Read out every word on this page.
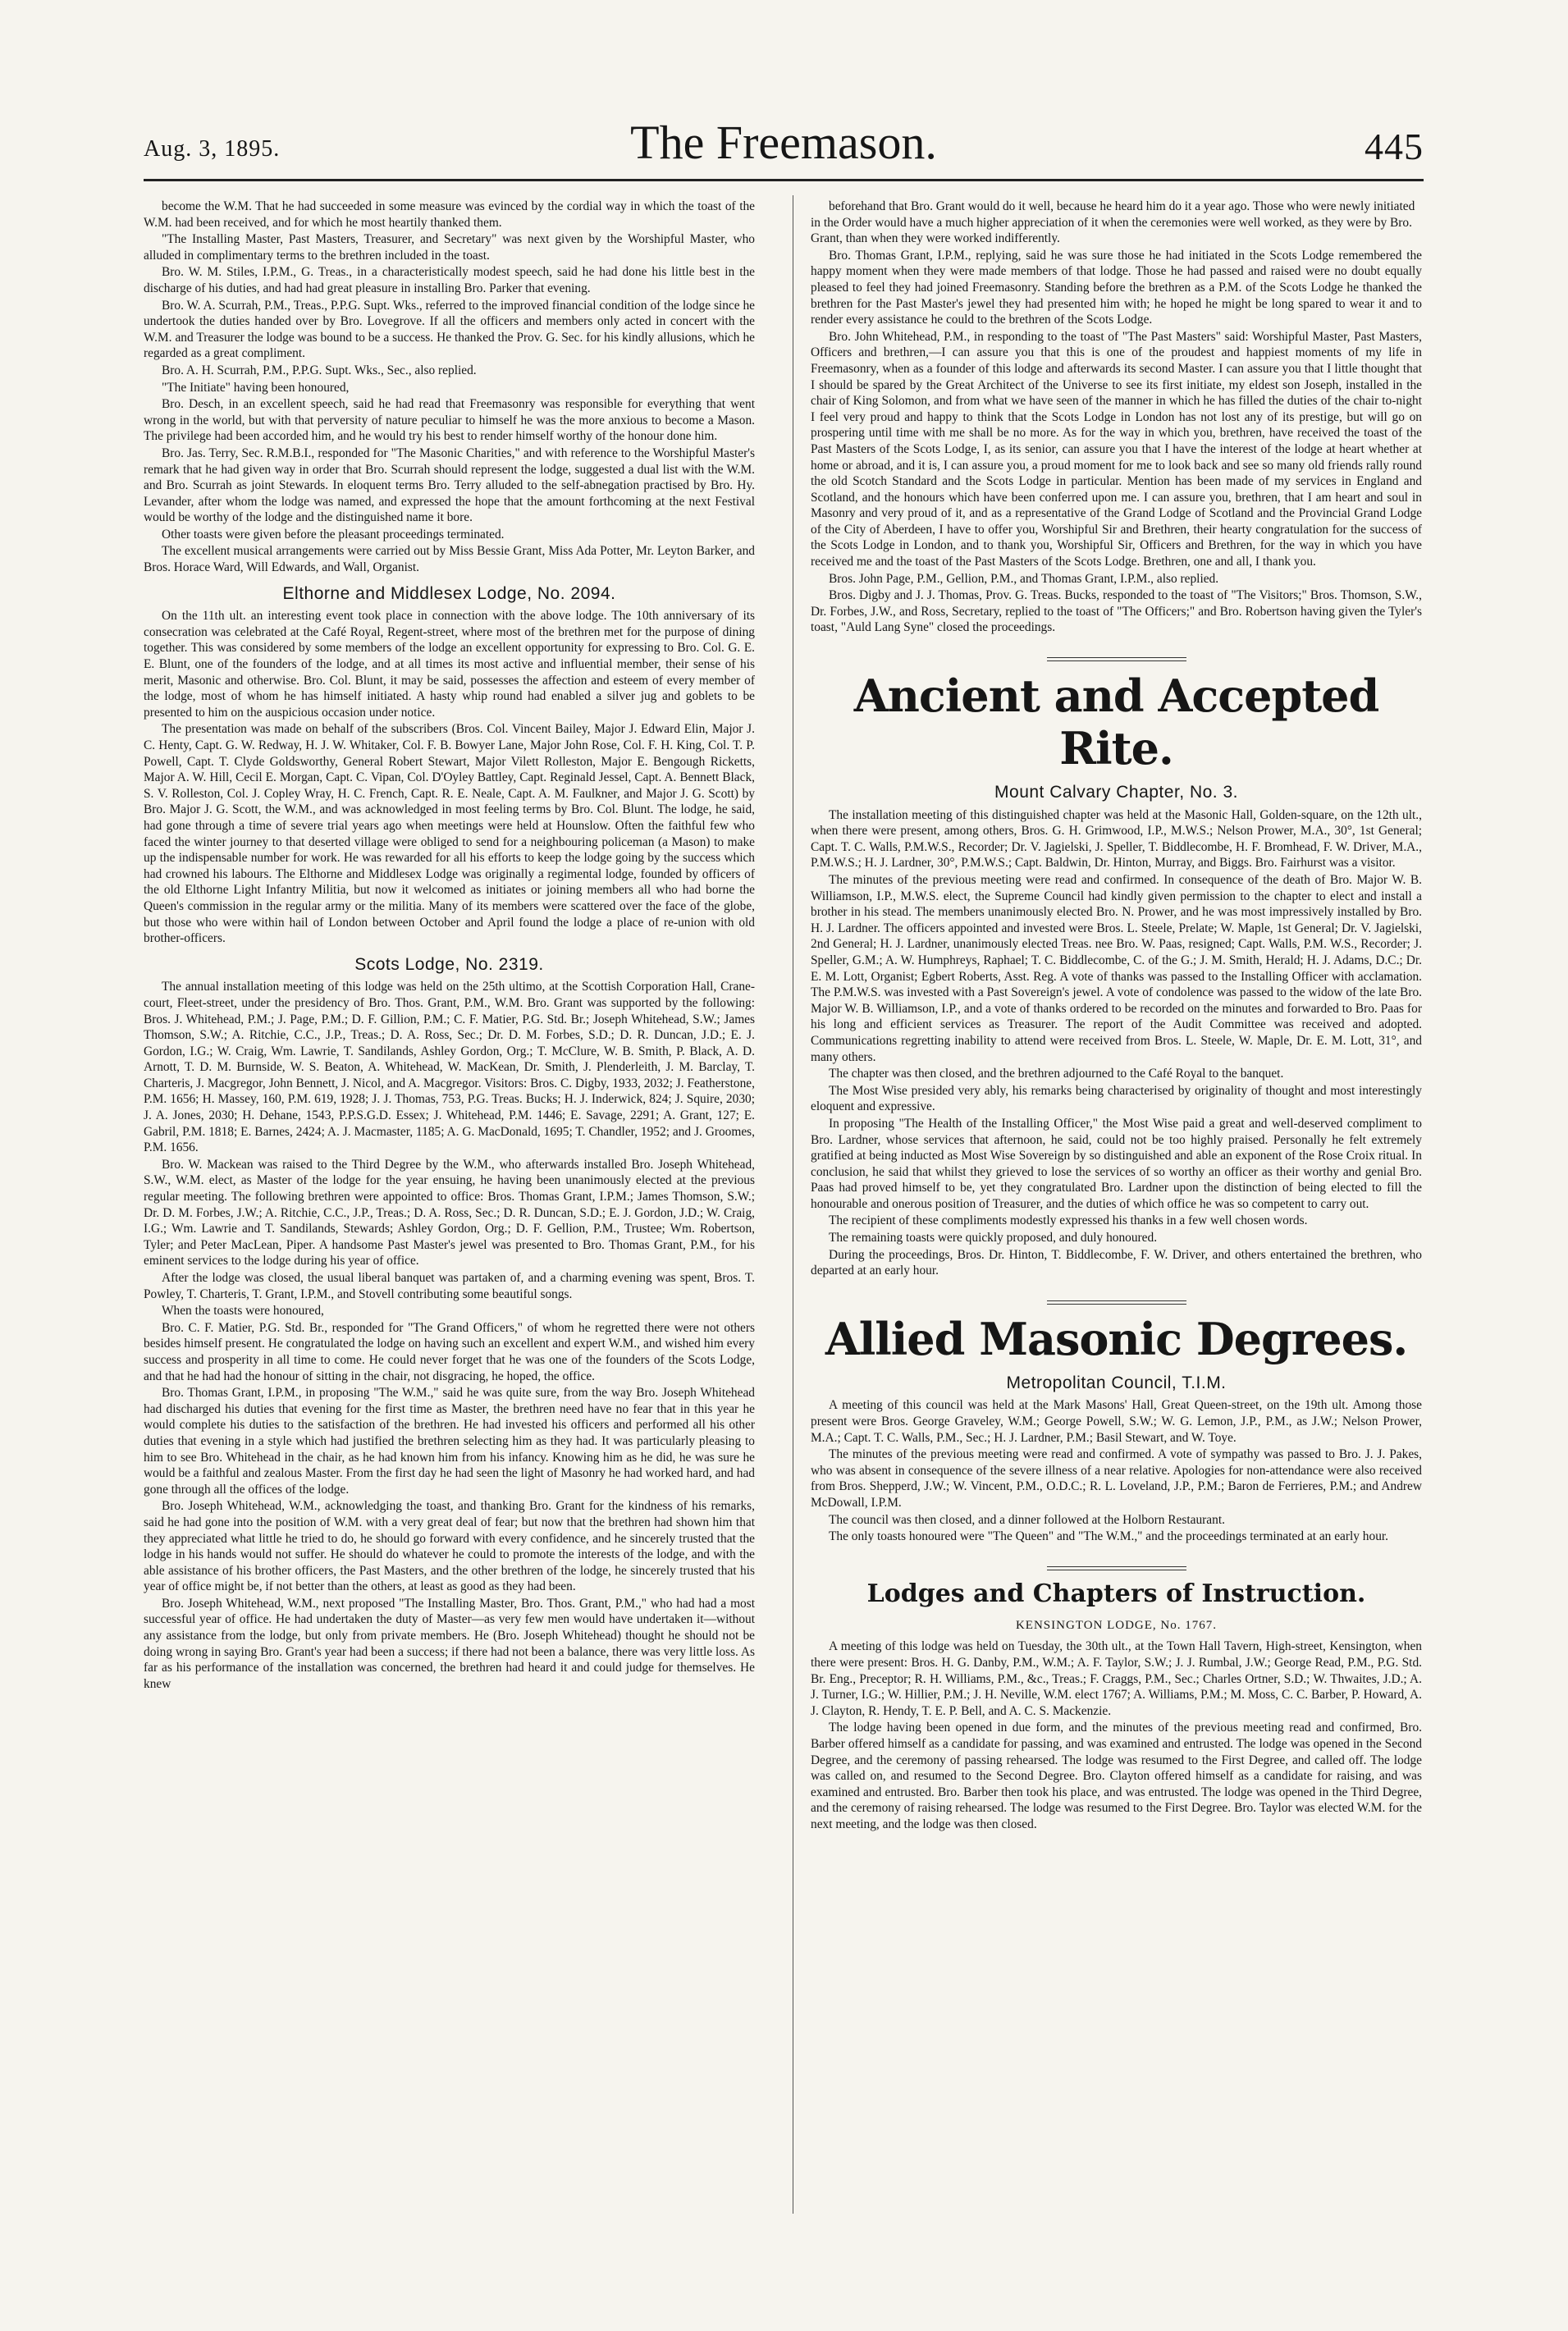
Aug. 3, 1895.	The Freemason.	445

become the W.M. That he had succeeded in some measure was evinced by the cordial way in which the toast of the W.M. had been received, and for which he most heartily thanked them.

"The Installing Master, Past Masters, Treasurer, and Secretary" was next given by the Worshipful Master, who alluded in complimentary terms to the brethren included in the toast.

Bro. W. M. Stiles, I.P.M., G. Treas., in a characteristically modest speech, said he had done his little best in the discharge of his duties, and had had great pleasure in installing Bro. Parker that evening.

Bro. W. A. Scurrah, P.M., Treas., P.P.G. Supt. Wks., referred to the improved financial condition of the lodge since he undertook the duties handed over by Bro. Lovegrove. If all the officers and members only acted in concert with the W.M. and Treasurer the lodge was bound to be a success. He thanked the Prov. G. Sec. for his kindly allusions, which he regarded as a great compliment.

Bro. A. H. Scurrah, P.M., P.P.G. Supt. Wks., Sec., also replied.

"The Initiate" having been honoured,

Bro. Desch, in an excellent speech, said he had read that Freemasonry was responsible for everything that went wrong in the world, but with that perversity of nature peculiar to himself he was the more anxious to become a Mason. The privilege had been accorded him, and he would try his best to render himself worthy of the honour done him.

Bro. Jas. Terry, Sec. R.M.B.I., responded for "The Masonic Charities," and with reference to the Worshipful Master's remark that he had given way in order that Bro. Scurrah should represent the lodge, suggested a dual list with the W.M. and Bro. Scurrah as joint Stewards. In eloquent terms Bro. Terry alluded to the self-abnegation practised by Bro. Hy. Levander, after whom the lodge was named, and expressed the hope that the amount forthcoming at the next Festival would be worthy of the lodge and the distinguished name it bore.

Other toasts were given before the pleasant proceedings terminated.

The excellent musical arrangements were carried out by Miss Bessie Grant, Miss Ada Potter, Mr. Leyton Barker, and Bros. Horace Ward, Will Edwards, and Wall, Organist.

Elthorne and Middlesex Lodge, No. 2094.

On the 11th ult. an interesting event took place in connection with the above lodge. The 10th anniversary of its consecration was celebrated at the Café Royal, Regent-street, where most of the brethren met for the purpose of dining together. This was considered by some members of the lodge an excellent opportunity for expressing to Bro. Col. G. E. E. Blunt, one of the founders of the lodge, and at all times its most active and influential member, their sense of his merit, Masonic and otherwise. Bro. Col. Blunt, it may be said, possesses the affection and esteem of every member of the lodge, most of whom he has himself initiated. A hasty whip round had enabled a silver jug and goblets to be presented to him on the auspicious occasion under notice.

The presentation was made on behalf of the subscribers (Bros. Col. Vincent Bailey, Major J. Edward Elin, Major J. C. Henty, Capt. G. W. Redway, H. J. W. Whitaker, Col. F. B. Bowyer Lane, Major John Rose, Col. F. H. King, Col. T. P. Powell, Capt. T. Clyde Goldsworthy, General Robert Stewart, Major Vilett Rolleston, Major E. Bengough Ricketts, Major A. W. Hill, Cecil E. Morgan, Capt. C. Vipan, Col. D'Oyley Battley, Capt. Reginald Jessel, Capt. A. Bennett Black, S. V. Rolleston, Col. J. Copley Wray, H. C. French, Capt. R. E. Neale, Capt. A. M. Faulkner, and Major J. G. Scott) by Bro. Major J. G. Scott, the W.M., and was acknowledged in most feeling terms by Bro. Col. Blunt. The lodge, he said, had gone through a time of severe trial years ago when meetings were held at Hounslow. Often the faithful few who faced the winter journey to that deserted village were obliged to send for a neighbouring policeman (a Mason) to make up the indispensable number for work. He was rewarded for all his efforts to keep the lodge going by the success which had crowned his labours. The Elthorne and Middlesex Lodge was originally a regimental lodge, founded by officers of the old Elthorne Light Infantry Militia, but now it welcomed as initiates or joining members all who had borne the Queen's commission in the regular army or the militia. Many of its members were scattered over the face of the globe, but those who were within hail of London between October and April found the lodge a place of re-union with old brother-officers.

Scots Lodge, No. 2319.

The annual installation meeting of this lodge was held on the 25th ultimo, at the Scottish Corporation Hall, Crane-court, Fleet-street, under the presidency of Bro. Thos. Grant, P.M., W.M. Bro. Grant was supported by the following: Bros. J. Whitehead, P.M.; J. Page, P.M.; D. F. Gillion, P.M.; C. F. Matier, P.G. Std. Br.; Joseph Whitehead, S.W.; James Thomson, S.W.; A. Ritchie, C.C., J.P., Treas.; D. A. Ross, Sec.; Dr. D. M. Forbes, S.D.; D. R. Duncan, J.D.; E. J. Gordon, I.G.; W. Craig, Wm. Lawrie, T. Sandilands, Ashley Gordon, Org.; T. McClure, W. B. Smith, P. Black, A. D. Arnott, T. D. M. Burnside, W. S. Beaton, A. Whitehead, W. MacKean, Dr. Smith, J. Plenderleith, J. M. Barclay, T. Charteris, J. Macgregor, John Bennett, J. Nicol, and A. Macgregor. Visitors: Bros. C. Digby, 1933, 2032; J. Featherstone, P.M. 1656; H. Massey, 160, P.M. 619, 1928; J. J. Thomas, 753, P.G. Treas. Bucks; H. J. Inderwick, 824; J. Squire, 2030; J. A. Jones, 2030; H. Dehane, 1543, P.P.S.G.D. Essex; J. Whitehead, P.M. 1446; E. Savage, 2291; A. Grant, 127; E. Gabril, P.M. 1818; E. Barnes, 2424; A. J. Macmaster, 1185; A. G. MacDonald, 1695; T. Chandler, 1952; and J. Groomes, P.M. 1656.

Bro. W. Mackean was raised to the Third Degree by the W.M., who afterwards installed Bro. Joseph Whitehead, S.W., W.M. elect, as Master of the lodge for the year ensuing, he having been unanimously elected at the previous regular meeting. The following brethren were appointed to office: Bros. Thomas Grant, I.P.M.; James Thomson, S.W.; Dr. D. M. Forbes, J.W.; A. Ritchie, C.C., J.P., Treas.; D. A. Ross, Sec.; D. R. Duncan, S.D.; E. J. Gordon, J.D.; W. Craig, I.G.; Wm. Lawrie and T. Sandilands, Stewards; Ashley Gordon, Org.; D. F. Gellion, P.M., Trustee; Wm. Robertson, Tyler; and Peter MacLean, Piper. A handsome Past Master's jewel was presented to Bro. Thomas Grant, P.M., for his eminent services to the lodge during his year of office.

After the lodge was closed, the usual liberal banquet was partaken of, and a charming evening was spent, Bros. T. Powley, T. Charteris, T. Grant, I.P.M., and Stovell contributing some beautiful songs.

When the toasts were honoured,

Bro. C. F. Matier, P.G. Std. Br., responded for "The Grand Officers," of whom he regretted there were not others besides himself present. He congratulated the lodge on having such an excellent and expert W.M., and wished him every success and prosperity in all time to come. He could never forget that he was one of the founders of the Scots Lodge, and that he had had the honour of sitting in the chair, not disgracing, he hoped, the office.

Bro. Thomas Grant, I.P.M., in proposing "The W.M.," said he was quite sure, from the way Bro. Joseph Whitehead had discharged his duties that evening for the first time as Master, the brethren need have no fear that in this year he would complete his duties to the satisfaction of the brethren. He had invested his officers and performed all his other duties that evening in a style which had justified the brethren selecting him as they had. It was particularly pleasing to him to see Bro. Whitehead in the chair, as he had known him from his infancy. Knowing him as he did, he was sure he would be a faithful and zealous Master. From the first day he had seen the light of Masonry he had worked hard, and had gone through all the offices of the lodge.

Bro. Joseph Whitehead, W.M., acknowledging the toast, and thanking Bro. Grant for the kindness of his remarks, said he had gone into the position of W.M. with a very great deal of fear; but now that the brethren had shown him that they appreciated what little he tried to do, he should go forward with every confidence, and he sincerely trusted that the lodge in his hands would not suffer. He should do whatever he could to promote the interests of the lodge, and with the able assistance of his brother officers, the Past Masters, and the other brethren of the lodge, he sincerely trusted that his year of office might be, if not better than the others, at least as good as they had been.

Bro. Joseph Whitehead, W.M., next proposed "The Installing Master, Bro. Thos. Grant, P.M.," who had had a most successful year of office. He had undertaken the duty of Master—as very few men would have undertaken it—without any assistance from the lodge, but only from private members. He (Bro. Joseph Whitehead) thought he should not be doing wrong in saying Bro. Grant's year had been a success; if there had not been a balance, there was very little loss. As far as his performance of the installation was concerned, the brethren had heard it and could judge for themselves. He knew

beforehand that Bro. Grant would do it well, because he heard him do it a year ago. Those who were newly initiated in the Order would have a much higher appreciation of it when the ceremonies were well worked, as they were by Bro. Grant, than when they were worked indifferently.

Bro. Thomas Grant, I.P.M., replying, said he was sure those he had initiated in the Scots Lodge remembered the happy moment when they were made members of that lodge. Those he had passed and raised were no doubt equally pleased to feel they had joined Freemasonry. Standing before the brethren as a P.M. of the Scots Lodge he thanked the brethren for the Past Master's jewel they had presented him with; he hoped he might be long spared to wear it and to render every assistance he could to the brethren of the Scots Lodge.

Bro. John Whitehead, P.M., in responding to the toast of "The Past Masters" said: Worshipful Master, Past Masters, Officers and brethren,—I can assure you that this is one of the proudest and happiest moments of my life in Freemasonry, when as a founder of this lodge and afterwards its second Master. I can assure you that I little thought that I should be spared by the Great Architect of the Universe to see its first initiate, my eldest son Joseph, installed in the chair of King Solomon, and from what we have seen of the manner in which he has filled the duties of the chair to-night I feel very proud and happy to think that the Scots Lodge in London has not lost any of its prestige, but will go on prospering until time with me shall be no more. As for the way in which you, brethren, have received the toast of the Past Masters of the Scots Lodge, I, as its senior, can assure you that I have the interest of the lodge at heart whether at home or abroad, and it is, I can assure you, a proud moment for me to look back and see so many old friends rally round the old Scotch Standard and the Scots Lodge in particular. Mention has been made of my services in England and Scotland, and the honours which have been conferred upon me. I can assure you, brethren, that I am heart and soul in Masonry and very proud of it, and as a representative of the Grand Lodge of Scotland and the Provincial Grand Lodge of the City of Aberdeen, I have to offer you, Worshipful Sir and Brethren, their hearty congratulation for the success of the Scots Lodge in London, and to thank you, Worshipful Sir, Officers and Brethren, for the way in which you have received me and the toast of the Past Masters of the Scots Lodge. Brethren, one and all, I thank you.

Bros. John Page, P.M., Gellion, P.M., and Thomas Grant, I.P.M., also replied.

Bros. Digby and J. J. Thomas, Prov. G. Treas. Bucks, responded to the toast of "The Visitors;" Bros. Thomson, S.W., Dr. Forbes, J.W., and Ross, Secretary, replied to the toast of "The Officers;" and Bro. Robertson having given the Tyler's toast, "Auld Lang Syne" closed the proceedings.

Ancient and Accepted Rite.
Mount Calvary Chapter, No. 3.

The installation meeting of this distinguished chapter was held at the Masonic Hall, Golden-square, on the 12th ult., when there were present, among others, Bros. G. H. Grimwood, I.P., M.W.S.; Nelson Prower, M.A., 30°, 1st General; Capt. T. C. Walls, P.M.W.S., Recorder; Dr. V. Jagielski, J. Speller, T. Biddlecombe, H. F. Bromhead, F. W. Driver, M.A., P.M.W.S.; H. J. Lardner, 30°, P.M.W.S.; Capt. Baldwin, Dr. Hinton, Murray, and Biggs. Bro. Fairhurst was a visitor.

The minutes of the previous meeting were read and confirmed. In consequence of the death of Bro. Major W. B. Williamson, I.P., M.W.S. elect, the Supreme Council had kindly given permission to the chapter to elect and install a brother in his stead. The members unanimously elected Bro. N. Prower, and he was most impressively installed by Bro. H. J. Lardner. The officers appointed and invested were Bros. L. Steele, Prelate; W. Maple, 1st General; Dr. V. Jagielski, 2nd General; H. J. Lardner, unanimously elected Treas. nee Bro. W. Paas, resigned; Capt. Walls, P.M. W.S., Recorder; J. Speller, G.M.; A. W. Humphreys, Raphael; T. C. Biddlecombe, C. of the G.; J. M. Smith, Herald; H. J. Adams, D.C.; Dr. E. M. Lott, Organist; Egbert Roberts, Asst. Reg. A vote of thanks was passed to the Installing Officer with acclamation. The P.M.W.S. was invested with a Past Sovereign's jewel. A vote of condolence was passed to the widow of the late Bro. Major W. B. Williamson, I.P., and a vote of thanks ordered to be recorded on the minutes and forwarded to Bro. Paas for his long and efficient services as Treasurer. The report of the Audit Committee was received and adopted. Communications regretting inability to attend were received from Bros. L. Steele, W. Maple, Dr. E. M. Lott, 31°, and many others.

The chapter was then closed, and the brethren adjourned to the Café Royal to the banquet.

The Most Wise presided very ably, his remarks being characterised by originality of thought and most interestingly eloquent and expressive.

In proposing "The Health of the Installing Officer," the Most Wise paid a great and well-deserved compliment to Bro. Lardner, whose services that afternoon, he said, could not be too highly praised. Personally he felt extremely gratified at being inducted as Most Wise Sovereign by so distinguished and able an exponent of the Rose Croix ritual. In conclusion, he said that whilst they grieved to lose the services of so worthy an officer as their worthy and genial Bro. Paas had proved himself to be, yet they congratulated Bro. Lardner upon the distinction of being elected to fill the honourable and onerous position of Treasurer, and the duties of which office he was so competent to carry out.

The recipient of these compliments modestly expressed his thanks in a few well chosen words.

The remaining toasts were quickly proposed, and duly honoured.

During the proceedings, Bros. Dr. Hinton, T. Biddlecombe, F. W. Driver, and others entertained the brethren, who departed at an early hour.

Allied Masonic Degrees.
Metropolitan Council, T.I.M.

A meeting of this council was held at the Mark Masons' Hall, Great Queen-street, on the 19th ult. Among those present were Bros. George Graveley, W.M.; George Powell, S.W.; W. G. Lemon, J.P., P.M., as J.W.; Nelson Prower, M.A.; Capt. T. C. Walls, P.M., Sec.; H. J. Lardner, P.M.; Basil Stewart, and W. Toye.

The minutes of the previous meeting were read and confirmed. A vote of sympathy was passed to Bro. J. J. Pakes, who was absent in consequence of the severe illness of a near relative. Apologies for non-attendance were also received from Bros. Shepperd, J.W.; W. Vincent, P.M., O.D.C.; R. L. Loveland, J.P., P.M.; Baron de Ferrieres, P.M.; and Andrew McDowall, I.P.M.

The council was then closed, and a dinner followed at the Holborn Restaurant.

The only toasts honoured were "The Queen" and "The W.M.," and the proceedings terminated at an early hour.

Lodges and Chapters of Instruction.
KENSINGTON LODGE, No. 1767.

A meeting of this lodge was held on Tuesday, the 30th ult., at the Town Hall Tavern, High-street, Kensington, when there were present: Bros. H. G. Danby, P.M., W.M.; A. F. Taylor, S.W.; J. J. Rumbal, J.W.; George Read, P.M., P.G. Std. Br. Eng., Preceptor; R. H. Williams, P.M., &c., Treas.; F. Craggs, P.M., Sec.; Charles Ortner, S.D.; W. Thwaites, J.D.; A. J. Turner, I.G.; W. Hillier, P.M.; J. H. Neville, W.M. elect 1767; A. Williams, P.M.; M. Moss, C. C. Barber, P. Howard, A. J. Clayton, R. Hendy, T. E. P. Bell, and A. C. S. Mackenzie.

The lodge having been opened in due form, and the minutes of the previous meeting read and confirmed, Bro. Barber offered himself as a candidate for passing, and was examined and entrusted. The lodge was opened in the Second Degree, and the ceremony of passing rehearsed. The lodge was resumed to the First Degree, and called off. The lodge was called on, and resumed to the Second Degree. Bro. Clayton offered himself as a candidate for raising, and was examined and entrusted. Bro. Barber then took his place, and was entrusted. The lodge was opened in the Third Degree, and the ceremony of raising rehearsed. The lodge was resumed to the First Degree. Bro. Taylor was elected W.M. for the next meeting, and the lodge was then closed.
